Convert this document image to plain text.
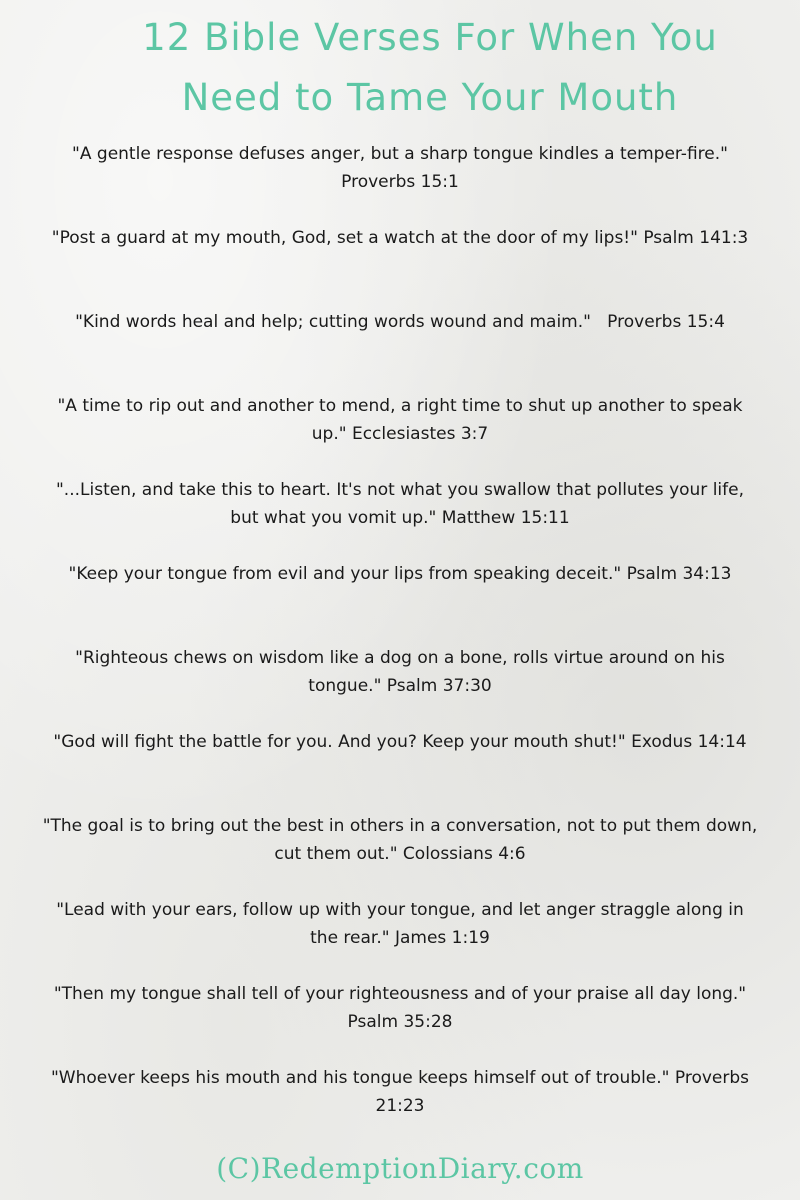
12 Bible Verses For When You
Need to Tame Your Mouth

"A gentle response defuses anger, but a sharp tongue kindles a temper-fire." Proverbs 15:1

"Post a guard at my mouth, God, set a watch at the door of my lips!" Psalm 141:3

"Kind words heal and help; cutting words wound and maim."   Proverbs 15:4

"A time to rip out and another to mend, a right time to shut up another to speak up." Ecclesiastes 3:7

"...Listen, and take this to heart. It's not what you swallow that pollutes your life, but what you vomit up." Matthew 15:11

"Keep your tongue from evil and your lips from speaking deceit." Psalm 34:13

"Righteous chews on wisdom like a dog on a bone, rolls virtue around on his tongue." Psalm 37:30

"God will fight the battle for you. And you? Keep your mouth shut!" Exodus 14:14

"The goal is to bring out the best in others in a conversation, not to put them down, cut them out." Colossians 4:6

"Lead with your ears, follow up with your tongue, and let anger straggle along in the rear." James 1:19

"Then my tongue shall tell of your righteousness and of your praise all day long." Psalm 35:28

"Whoever keeps his mouth and his tongue keeps himself out of trouble." Proverbs 21:23

(C)RedemptionDiary.com
